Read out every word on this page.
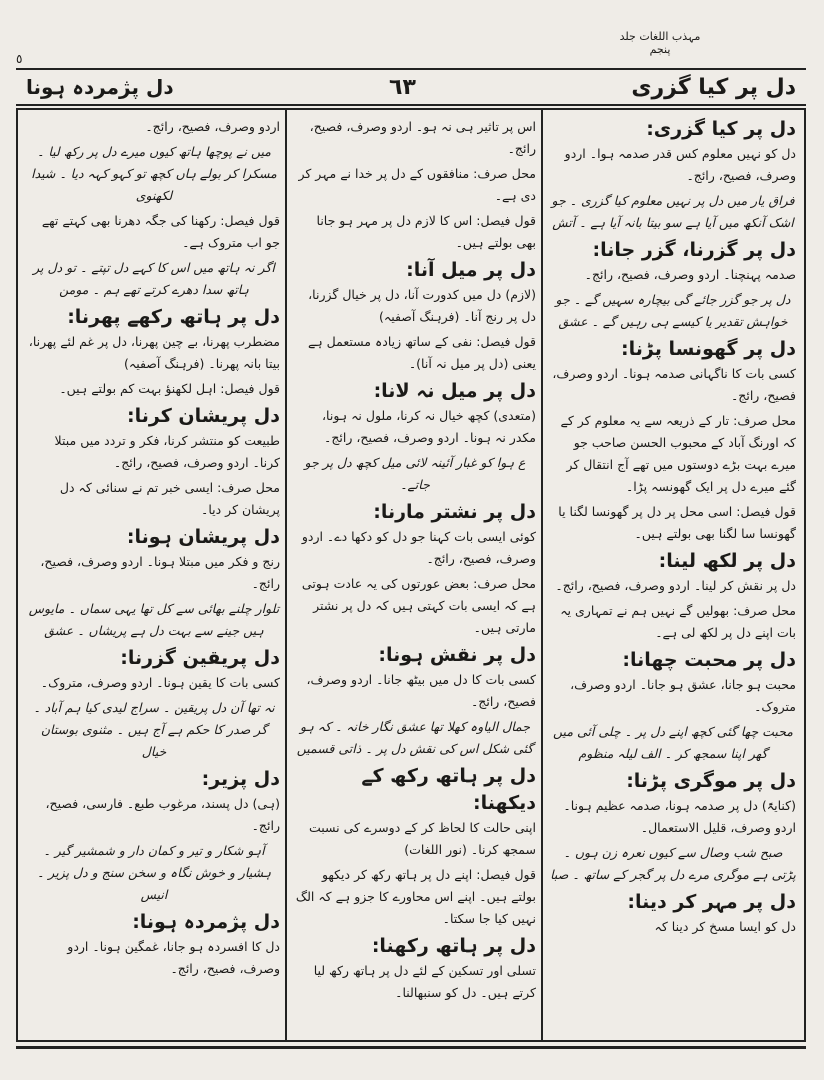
مہذب اللغات جلد پنجم
٥
دل پر کیا گزری
٦٣
دل پژمردہ ہونا
دل پر کیا گزری:
دل کو نہیں معلوم کس قدر صدمہ ہوا۔ اردو وصرف، فصیح، رائج۔
فراق یار میں دل پر نہیں معلوم کیا گزری ۔ جو اشک آنکھ میں آیا ہے سو بیتا بانہ آیا ہے ۔ آتش
دل پر گزرنا، گزر جانا:
صدمہ پہنچنا۔ اردو وصرف، فصیح، رائج۔
دل پر جو گزر جائے گی بیچارہ سہیں گے ۔ جو خواہش تقدیر یا کیسے ہی رہیں گے ۔ عشق
دل پر گھونسا پڑنا:
کسی بات کا ناگہانی صدمہ ہونا۔ اردو وصرف، فصیح، رائج۔
محل صرف: تار کے ذریعہ سے یہ معلوم کر کے کہ اورنگ آباد کے محبوب الحسن صاحب جو میرے بہت بڑے دوستوں میں تھے آج انتقال کر گئے میرے دل پر ایک گھونسہ پڑا۔
قول فیصل: اسی محل پر دل پر گھونسا لگنا یا گھونسا سا لگنا بھی بولتے ہیں۔
دل پر لکھ لینا:
دل پر نقش کر لینا۔ اردو وصرف، فصیح، رائج۔
محل صرف: بھولیں گے نہیں ہم نے تمہاری یہ بات اپنے دل پر لکھ لی ہے۔
دل پر محبت چھانا:
محبت ہو جانا، عشق ہو جانا۔ اردو وصرف، متروک۔
محبت چھا گئی کچھ اپنے دل پر ۔ چلی آئی میں گھر اپنا سمجھ کر ۔ الف لیلہ منظوم
دل پر موگری پڑنا:
(کنایۃً) دل پر صدمہ ہونا، صدمہ عظیم ہونا۔ اردو وصرف، قلیل الاستعمال۔
صبح شب وصال سے کیوں نعرہ زن ہوں ۔ پڑتی ہے موگری مرے دل پر گجر کے ساتھ ۔ صبا
دل پر مہر کر دینا:
دل کو ایسا مسخ کر دینا کہ
اس پر تاثیر ہی نہ ہو۔ اردو وصرف، فصیح، رائج۔
محل صرف: منافقوں کے دل پر خدا نے مہر کر دی ہے۔
قول فیصل: اس کا لازم دل پر مہر ہو جانا بھی بولتے ہیں۔
دل پر میل آنا:
(لازم) دل میں کدورت آنا، دل پر خیال گزرنا، دل پر رنج آنا۔ (فرہنگ آصفیہ)
قول فیصل: نفی کے ساتھ زیادہ مستعمل ہے یعنی (دل پر میل نہ آنا)۔
دل پر میل نہ لانا:
(متعدی) کچھ خیال نہ کرنا، ملول نہ ہونا، مکدر نہ ہونا۔ اردو وصرف، فصیح، رائج۔
ع ہوا کو غبار آئینہ لائی میل کچھ دل پر جو جاتے۔
دل پر نشتر مارنا:
کوئی ایسی بات کہنا جو دل کو دکھا دے۔ اردو وصرف، فصیح، رائج۔
محل صرف: بعض عورتوں کی یہ عادت ہوتی ہے کہ ایسی بات کہتی ہیں کہ دل پر نشتر مارتی ہیں۔
دل پر نقش ہونا:
کسی بات کا دل میں بیٹھ جانا۔ اردو وصرف، فصیح، رائج۔
جمال الیاوہ کھلا تھا عشق نگار خانہ ۔ کہ ہو گئی شکل اس کی نقش دل پر ۔ ذاتی قسمیں
دل پر ہاتھ رکھ کے دیکھنا:
اپنی حالت کا لحاظ کر کے دوسرے کی نسبت سمجھ کرنا۔ (نور اللغات)
قول فیصل: اپنے دل پر ہاتھ رکھ کر دیکھو بولتے ہیں۔ اپنے اس محاورے کا جزو ہے کہ الگ نہیں کیا جا سکتا۔
دل پر ہاتھ رکھنا:
تسلی اور تسکین کے لئے دل پر ہاتھ رکھ لیا کرتے ہیں۔ دل کو سنبھالنا۔
اردو وصرف، فصیح، رائج۔
میں نے پوچھا ہاتھ کیوں میرے دل پر رکھ لیا ۔ مسکرا کر بولے ہاں کچھ تو کہو کہہ دیا ۔ شیدا لکھنوی
قول فیصل: رکھنا کی جگہ دھرنا بھی کہتے تھے جو اب متروک ہے۔
اگر نہ ہاتھ میں اس کا کہے دل تپتے ۔ تو دل پر ہاتھ سدا دھرے کرتے تھے ہم ۔ مومن
دل پر ہاتھ رکھے پھرنا:
مضطرب پھرنا، بے چین پھرنا، دل پر غم لئے پھرنا، بیتا بانہ پھرنا۔ (فرہنگ آصفیہ)
قول فیصل: اہل لکھنؤ بہت کم بولتے ہیں۔
دل پریشان کرنا:
طبیعت کو منتشر کرنا، فکر و تردد میں مبتلا کرنا۔ اردو وصرف، فصیح، رائج۔
محل صرف: ایسی خبر تم نے سنائی کہ دل پریشان کر دیا۔
دل پریشان ہونا:
رنج و فکر میں مبتلا ہونا۔ اردو وصرف، فصیح، رائج۔
تلوار چلنے بھائی سے کل تھا یہی سماں ۔ مایوس ہیں جینے سے بہت دل ہے پریشاں ۔ عشق
دل پریقین گزرنا:
کسی بات کا یقین ہونا۔ اردو وصرف، متروک۔
نہ تھا آن دل پریقین ۔ سراج لیدی کیا ہم آباد ۔ گر صدر کا حکم ہے آج ہیں ۔ مثنوی بوستان خیال
دل پزیر:
(ہی) دل پسند، مرغوب طبع۔ فارسی، فصیح، رائج۔
آہو شکار و تیر و کمان دار و شمشیر گیر ۔ ہشیار و خوش نگاہ و سخن سنج و دل پزیر ۔ انیس
دل پژمردہ ہونا:
دل کا افسردہ ہو جانا، غمگین ہونا۔ اردو وصرف، فصیح، رائج۔
